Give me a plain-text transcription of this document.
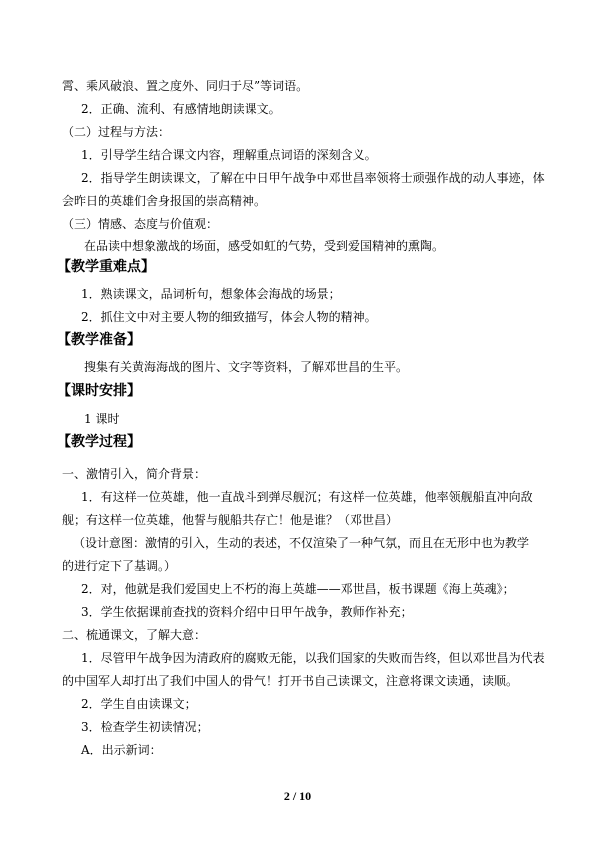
霄、乘风破浪、置之度外、同归于尽”等词语。
2．正确、流利、有感情地朗读课文。
（二）过程与方法：
1．引导学生结合课文内容，理解重点词语的深刻含义。
2．指导学生朗读课文，了解在中日甲午战争中邓世昌率领将士顽强作战的动人事迹，体
会昨日的英雄们舍身报国的崇高精神。
（三）情感、态度与价值观：
在品读中想象激战的场面，感受如虹的气势，受到爱国精神的熏陶。
【教学重难点】
1．熟读课文，品词析句，想象体会海战的场景；
2．抓住文中对主要人物的细致描写，体会人物的精神。
【教学准备】
搜集有关黄海海战的图片、文字等资料，了解邓世昌的生平。
【课时安排】
1 课时
【教学过程】
一、激情引入，简介背景：
1．有这样一位英雄，他一直战斗到弹尽舰沉；有这样一位英雄，他率领舰船直冲向敌
舰；有这样一位英雄，他誓与舰船共存亡！他是谁？（邓世昌）
（设计意图：激情的引入，生动的表述，不仅渲染了一种气氛，而且在无形中也为教学
的进行定下了基调。）
2．对，他就是我们爱国史上不朽的海上英雄——邓世昌，板书课题《海上英魂》；
3．学生依据课前查找的资料介绍中日甲午战争，教师作补充；
二、梳通课文，了解大意：
1．尽管甲午战争因为清政府的腐败无能，以我们国家的失败而告终，但以邓世昌为代表
的中国军人却打出了我们中国人的骨气！打开书自己读课文，注意将课文读通，读顺。
2．学生自由读课文；
3．检查学生初读情况；
A．出示新词：
2 / 10
